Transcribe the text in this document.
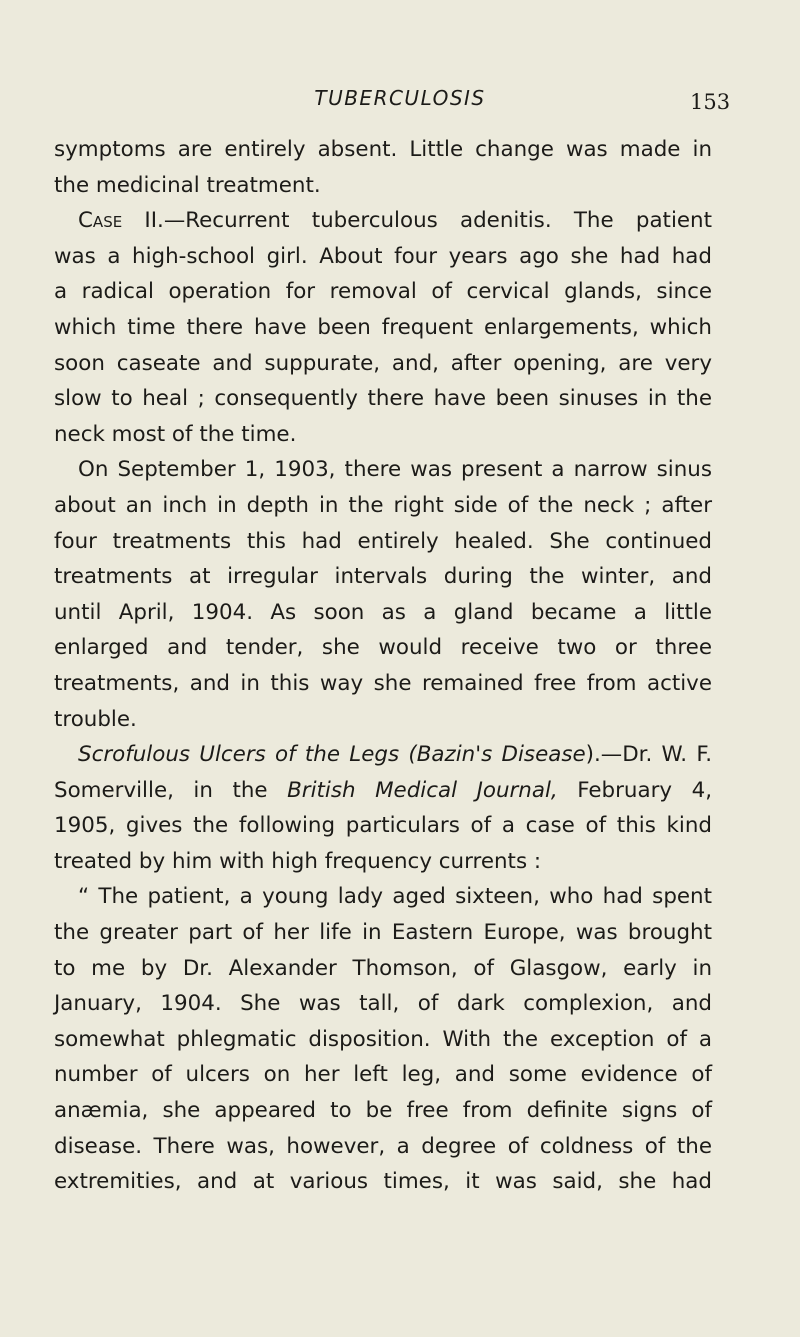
TUBERCULOSIS	153
symptoms are entirely absent. Little change was made in
the medicinal treatment.
Case II.—Recurrent tuberculous adenitis. The patient
was a high-school girl. About four years ago she had had
a radical operation for removal of cervical glands, since
which time there have been frequent enlargements, which
soon caseate and suppurate, and, after opening, are very
slow to heal ; consequently there have been sinuses in the
neck most of the time.
On September 1, 1903, there was present a narrow sinus
about an inch in depth in the right side of the neck ; after
four treatments this had entirely healed. She continued
treatments at irregular intervals during the winter, and
until April, 1904. As soon as a gland became a little
enlarged and tender, she would receive two or three
treatments, and in this way she remained free from active
trouble.
Scrofulous Ulcers of the Legs (Bazin's Disease).—Dr. W. F.
Somerville, in the British Medical Journal, February 4,
1905, gives the following particulars of a case of this kind
treated by him with high frequency currents :
“ The patient, a young lady aged sixteen, who had spent
the greater part of her life in Eastern Europe, was brought
to me by Dr. Alexander Thomson, of Glasgow, early in
January, 1904. She was tall, of dark complexion, and
somewhat phlegmatic disposition. With the exception of a
number of ulcers on her left leg, and some evidence of
anæmia, she appeared to be free from definite signs of
disease. There was, however, a degree of coldness of the
extremities, and at various times, it was said, she had
